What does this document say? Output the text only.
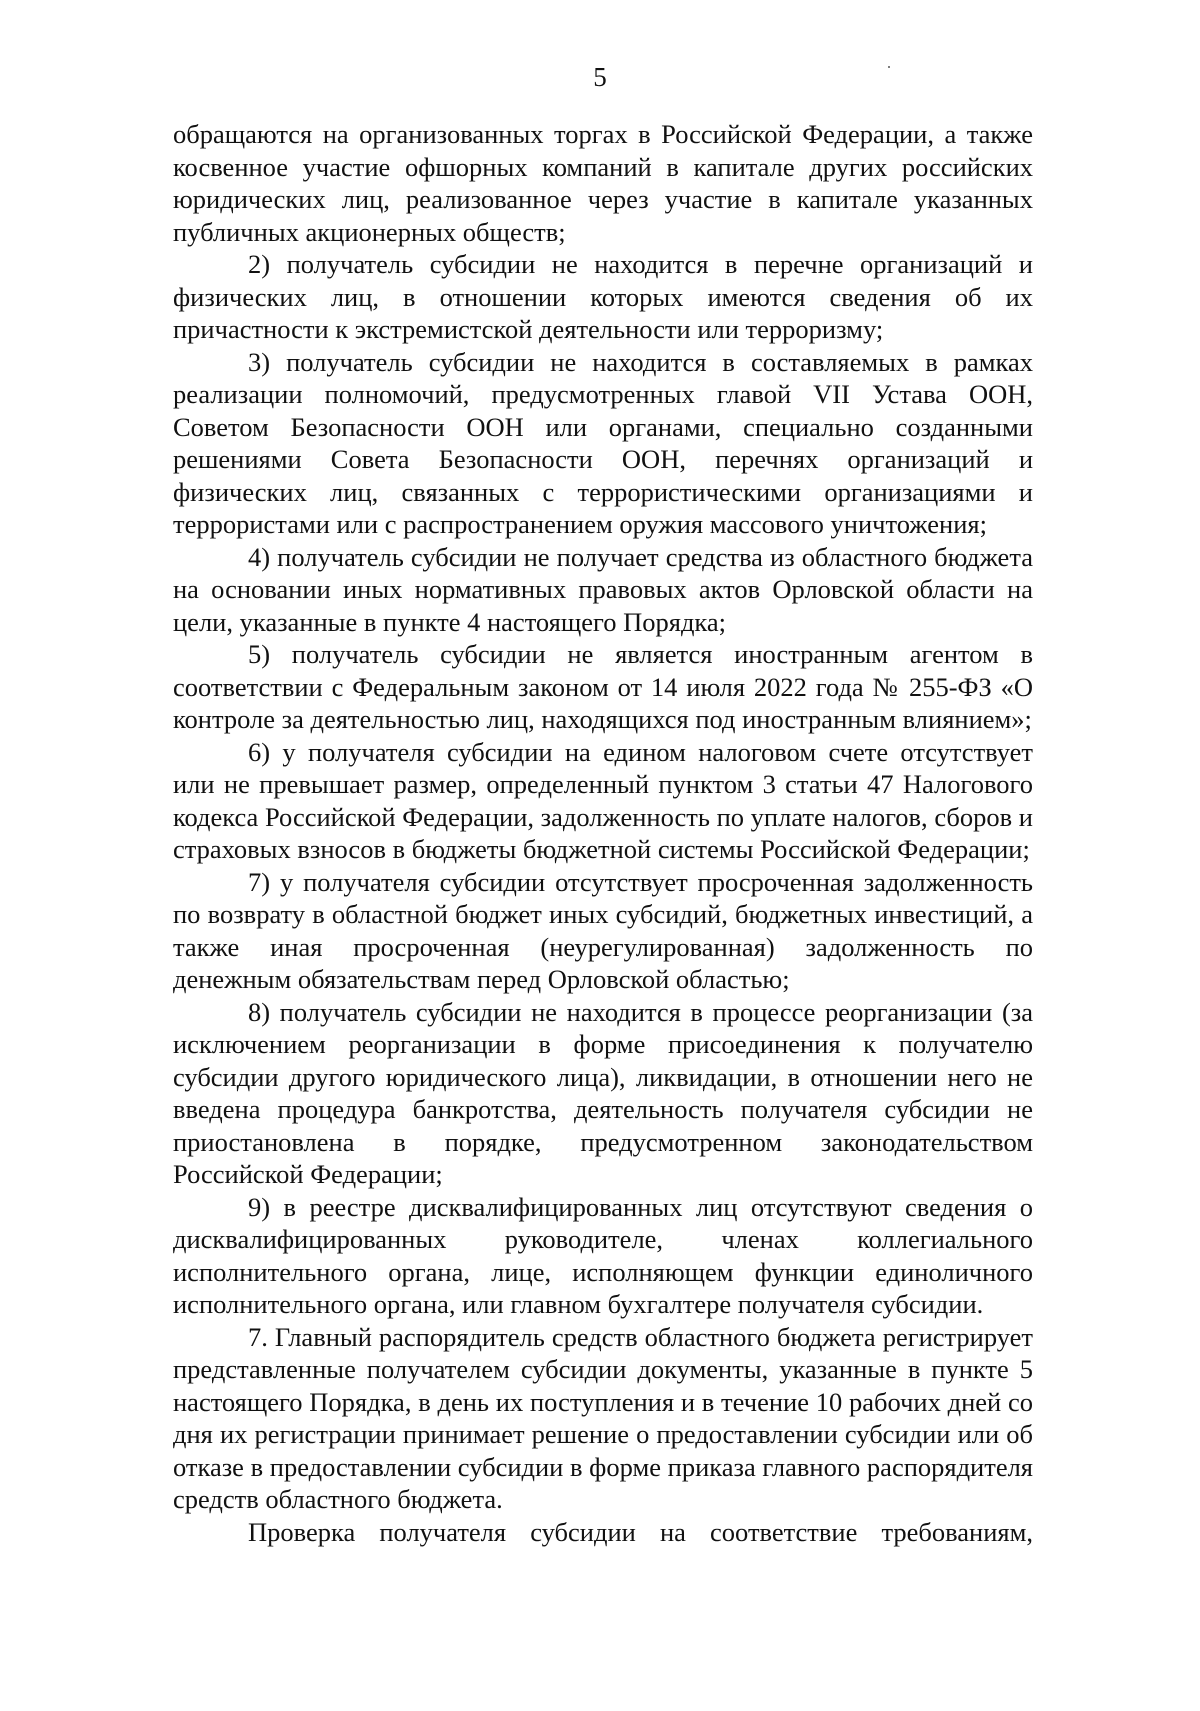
5

обращаются на организованных торгах в Российской Федерации, а также косвенное участие офшорных компаний в капитале других российских юридических лиц, реализованное через участие в капитале указанных публичных акционерных обществ;

2) получатель субсидии не находится в перечне организаций и физических лиц, в отношении которых имеются сведения об их причастности к экстремистской деятельности или терроризму;

3) получатель субсидии не находится в составляемых в рамках реализации полномочий, предусмотренных главой VII Устава ООН, Советом Безопасности ООН или органами, специально созданными решениями Совета Безопасности ООН, перечнях организаций и физических лиц, связанных с террористическими организациями и террористами или с распространением оружия массового уничтожения;

4) получатель субсидии не получает средства из областного бюджета на основании иных нормативных правовых актов Орловской области на цели, указанные в пункте 4 настоящего Порядка;

5) получатель субсидии не является иностранным агентом в соответствии с Федеральным законом от 14 июля 2022 года № 255-ФЗ «О контроле за деятельностью лиц, находящихся под иностранным влиянием»;

6) у получателя субсидии на едином налоговом счете отсутствует или не превышает размер, определенный пунктом 3 статьи 47 Налогового кодекса Российской Федерации, задолженность по уплате налогов, сборов и страховых взносов в бюджеты бюджетной системы Российской Федерации;

7) у получателя субсидии отсутствует просроченная задолженность по возврату в областной бюджет иных субсидий, бюджетных инвестиций, а также иная просроченная (неурегулированная) задолженность по денежным обязательствам перед Орловской областью;

8) получатель субсидии не находится в процессе реорганизации (за исключением реорганизации в форме присоединения к получателю субсидии другого юридического лица), ликвидации, в отношении него не введена процедура банкротства, деятельность получателя субсидии не приостановлена в порядке, предусмотренном законодательством Российской Федерации;

9) в реестре дисквалифицированных лиц отсутствуют сведения о дисквалифицированных руководителе, членах коллегиального исполнительного органа, лице, исполняющем функции единоличного исполнительного органа, или главном бухгалтере получателя субсидии.

7. Главный распорядитель средств областного бюджета регистрирует представленные получателем субсидии документы, указанные в пункте 5 настоящего Порядка, в день их поступления и в течение 10 рабочих дней со дня их регистрации принимает решение о предоставлении субсидии или об отказе в предоставлении субсидии в форме приказа главного распорядителя средств областного бюджета.

Проверка получателя субсидии на соответствие требованиям,
